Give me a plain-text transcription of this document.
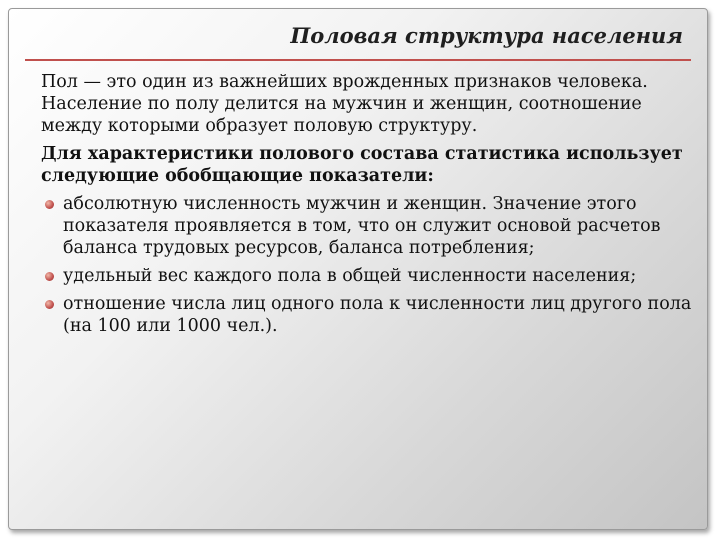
Половая структура населения

Пол — это один из важнейших врожденных признаков человека. Население по полу делится на мужчин и женщин, соотношение между которыми образует половую структуру.

Для характеристики полового состава статистика использует следующие обобщающие показатели:

абсолютную численность мужчин и женщин. Значение этого показателя проявляется в том, что он служит основой расчетов баланса трудовых ресурсов, баланса потребления;
удельный вес каждого пола в общей численности населения;
отношение числа лиц одного пола к численности лиц другого пола (на 100 или 1000 чел.).
